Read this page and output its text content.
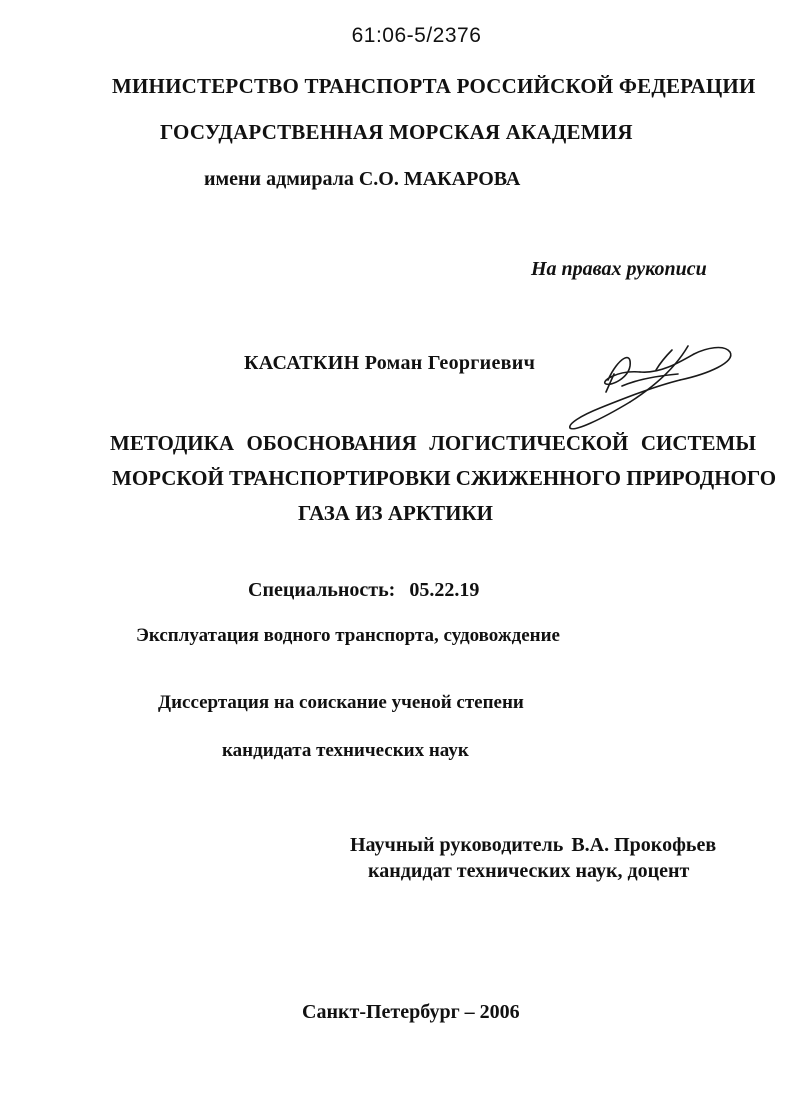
61:06-5/2376
МИНИСТЕРСТВО ТРАНСПОРТА РОССИЙСКОЙ ФЕДЕРАЦИИ
ГОСУДАРСТВЕННАЯ МОРСКАЯ АКАДЕМИЯ
имени адмирала С.О. МАКАРОВА
На правах рукописи
КАСАТКИН Роман Георгиевич
МЕТОДИКА ОБОСНОВАНИЯ ЛОГИСТИЧЕСКОЙ СИСТЕМЫ
МОРСКОЙ ТРАНСПОРТИРОВКИ СЖИЖЕННОГО ПРИРОДНОГО
ГАЗА ИЗ АРКТИКИ
Специальность: 05.22.19
Эксплуатация водного транспорта, судовождение
Диссертация на соискание ученой степени
кандидата технических наук
Научный руководитель В.А. Прокофьев
кандидат технических наук, доцент
Санкт-Петербург – 2006
